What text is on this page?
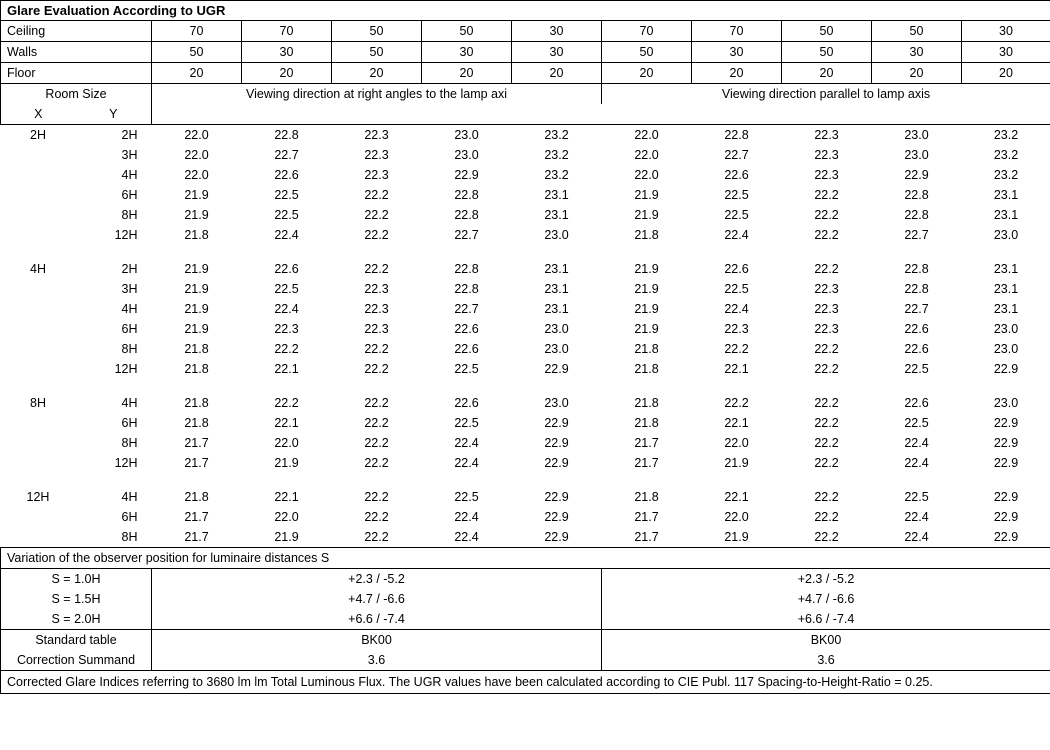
Glare Evaluation According to UGR											
Ceiling		70	70	50	50	30	70	70	50	50	30
Walls		50	30	50	30	30	50	30	50	30	30
Floor		20	20	20	20	20	20	20	20	20	20
Room Size		Viewing direction at right angles to the lamp axi					Viewing direction parallel to lamp axis				
X	Y										
2H	2H	22.0	22.8	22.3	23.0	23.2	22.0	22.8	22.3	23.0	23.2
	3H	22.0	22.7	22.3	23.0	23.2	22.0	22.7	22.3	23.0	23.2
	4H	22.0	22.6	22.3	22.9	23.2	22.0	22.6	22.3	22.9	23.2
	6H	21.9	22.5	22.2	22.8	23.1	21.9	22.5	22.2	22.8	23.1
	8H	21.9	22.5	22.2	22.8	23.1	21.9	22.5	22.2	22.8	23.1
	12H	21.8	22.4	22.2	22.7	23.0	21.8	22.4	22.2	22.7	23.0

4H	2H	21.9	22.6	22.2	22.8	23.1	21.9	22.6	22.2	22.8	23.1
	3H	21.9	22.5	22.3	22.8	23.1	21.9	22.5	22.3	22.8	23.1
	4H	21.9	22.4	22.3	22.7	23.1	21.9	22.4	22.3	22.7	23.1
	6H	21.9	22.3	22.3	22.6	23.0	21.9	22.3	22.3	22.6	23.0
	8H	21.8	22.2	22.2	22.6	23.0	21.8	22.2	22.2	22.6	23.0
	12H	21.8	22.1	22.2	22.5	22.9	21.8	22.1	22.2	22.5	22.9

8H	4H	21.8	22.2	22.2	22.6	23.0	21.8	22.2	22.2	22.6	23.0
	6H	21.8	22.1	22.2	22.5	22.9	21.8	22.1	22.2	22.5	22.9
	8H	21.7	22.0	22.2	22.4	22.9	21.7	22.0	22.2	22.4	22.9
	12H	21.7	21.9	22.2	22.4	22.9	21.7	21.9	22.2	22.4	22.9

12H	4H	21.8	22.1	22.2	22.5	22.9	21.8	22.1	22.2	22.5	22.9
	6H	21.7	22.0	22.2	22.4	22.9	21.7	22.0	22.2	22.4	22.9
	8H	21.7	21.9	22.2	22.4	22.9	21.7	21.9	22.2	22.4	22.9
Variation of the observer position for luminaire distances S											
S = 1.0H		+2.3 / -5.2					+2.3 / -5.2				
S = 1.5H		+4.7 / -6.6					+4.7 / -6.6				
S = 2.0H		+6.6 / -7.4					+6.6 / -7.4				
Standard table		BK00					BK00				
Correction Summand		3.6					3.6				
Corrected Glare Indices referring to 3680 lm lm Total Luminous Flux. The UGR values have been calculated according to CIE Publ. 117 Spacing-to-Height-Ratio = 0.25.											
